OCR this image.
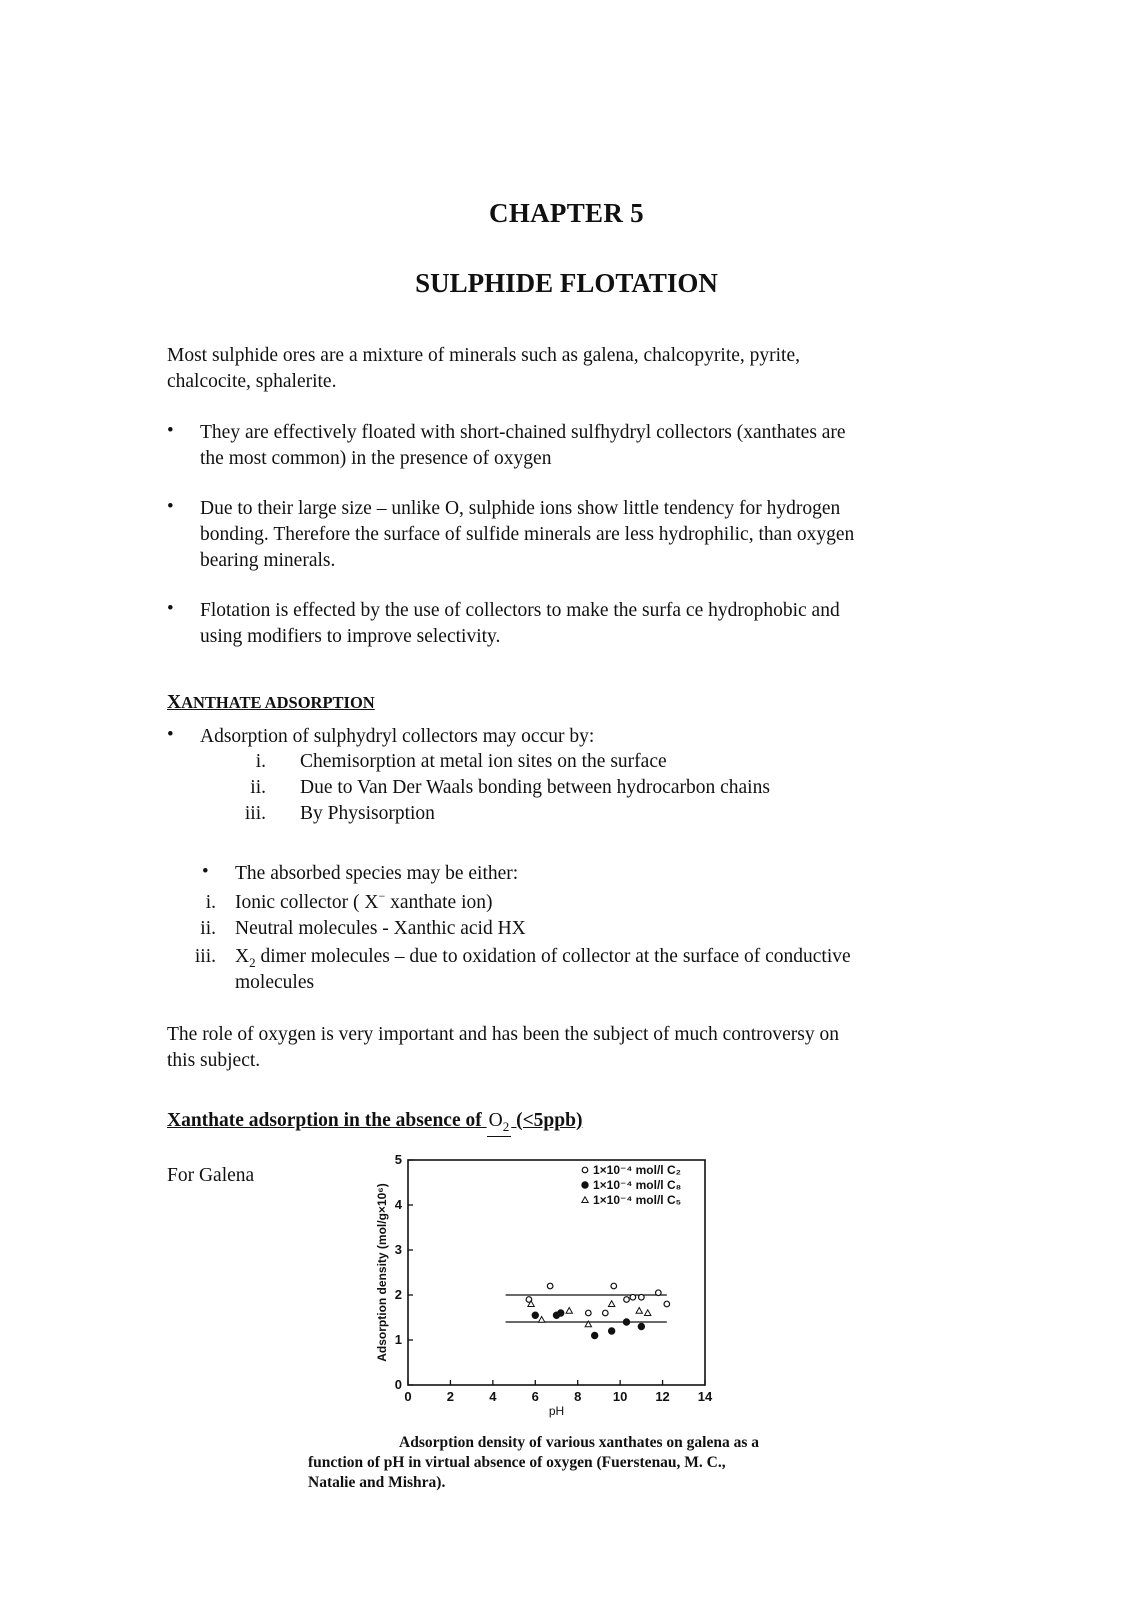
CHAPTER 5
SULPHIDE FLOTATION
Most sulphide ores are a mixture of minerals such as galena, chalcopyrite, pyrite,
chalcocite, sphalerite.
• They are effectively floated with short-chained sulfhydryl collectors (xanthates are
the most common) in the presence of oxygen
• Due to their large size – unlike O, sulphide ions show little tendency for hydrogen
bonding. Therefore the surface of sulfide minerals are less hydrophilic, than oxygen
bearing minerals.
• Flotation is effected by the use of collectors to make the surfa ce hydrophobic and
using modifiers to improve selectivity.
XANTHATE ADSORPTION
• Adsorption of sulphydryl collectors may occur by:
i. Chemisorption at metal ion sites on the surface
ii. Due to Van Der Waals bonding between hydrocarbon chains
iii. By Physisorption
• The absorbed species may be either:
i. Ionic collector ( X− xanthate ion)
ii. Neutral molecules - Xanthic acid HX
iii. $X_2$ dimer molecules – due to oxidation of collector at the surface of conductive
molecules
The role of oxygen is very important and has been the subject of much controversy on
this subject.
Xanthate adsorption in the absence of $O_2$ (<5ppb)
For Galena
0	2	4	6	8 10 12 14
0
1
2
3
4
5
pH
Adsorption density (mol/g×10⁶)
1×10⁻⁴ mol/l C₂
1×10⁻⁴ mol/l C₈
1×10⁻⁴ mol/l C₅
Adsorption density of various xanthates on galena as a
function of pH in virtual absence of oxygen (Fuerstenau, M. C.,
Natalie and Mishra).
